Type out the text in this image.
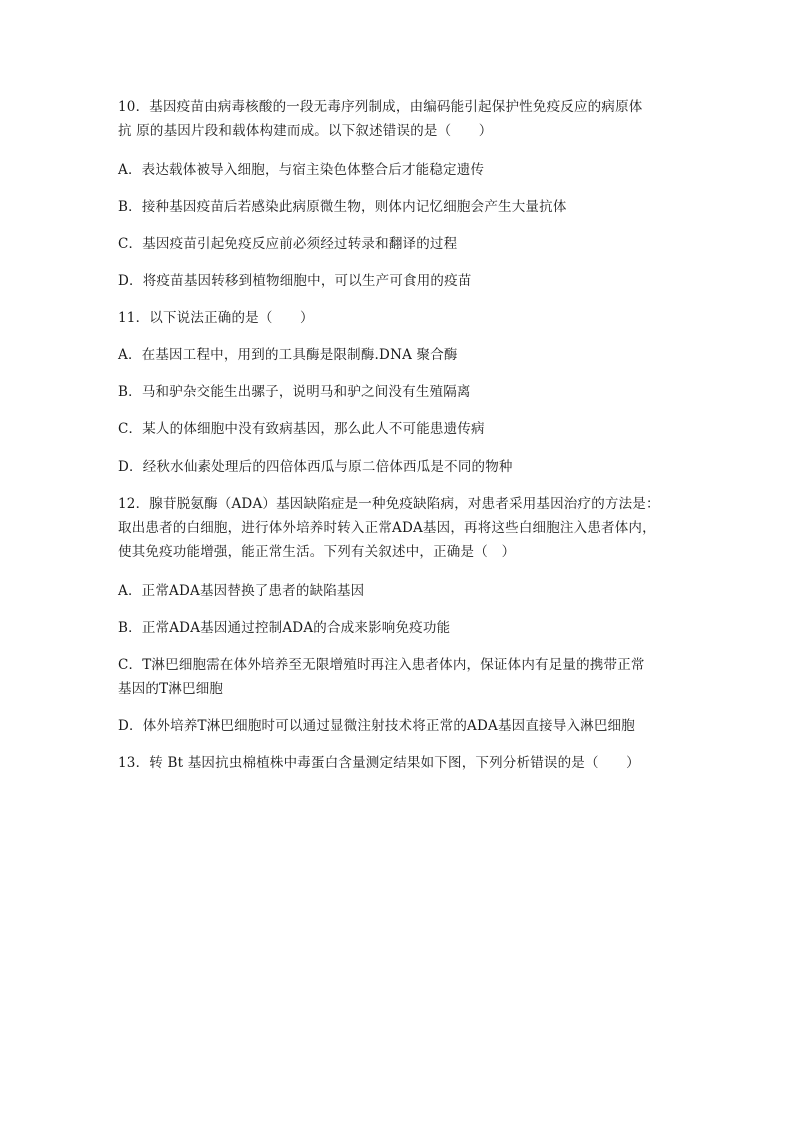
10．基因疫苗由病毒核酸的一段无毒序列制成，由编码能引起保护性免疫反应的病原体
抗 原的基因片段和载体构建而成。以下叙述错误的是（　　）
A．表达载体被导入细胞，与宿主染色体整合后才能稳定遗传
B．接种基因疫苗后若感染此病原微生物，则体内记忆细胞会产生大量抗体
C．基因疫苗引起免疫反应前必须经过转录和翻译的过程
D．将疫苗基因转移到植物细胞中，可以生产可食用的疫苗
11．以下说法正确的是（　　）
A．在基因工程中，用到的工具酶是限制酶.DNA 聚合酶
B．马和驴杂交能生出骡子，说明马和驴之间没有生殖隔离
C．某人的体细胞中没有致病基因，那么此人不可能患遗传病
D．经秋水仙素处理后的四倍体西瓜与原二倍体西瓜是不同的物种
12．腺苷脱氨酶（ADA）基因缺陷症是一种免疫缺陷病，对患者采用基因治疗的方法是：
取出患者的白细胞，进行体外培养时转入正常ADA基因，再将这些白细胞注入患者体内，
使其免疫功能增强，能正常生活。下列有关叙述中，正确是（　）
A．正常ADA基因替换了患者的缺陷基因
B．正常ADA基因通过控制ADA的合成来影响免疫功能
C．T淋巴细胞需在体外培养至无限增殖时再注入患者体内，保证体内有足量的携带正常
基因的T淋巴细胞
D．体外培养T淋巴细胞时可以通过显微注射技术将正常的ADA基因直接导入淋巴细胞
13．转 Bt 基因抗虫棉植株中毒蛋白含量测定结果如下图，下列分析错误的是（　　）
